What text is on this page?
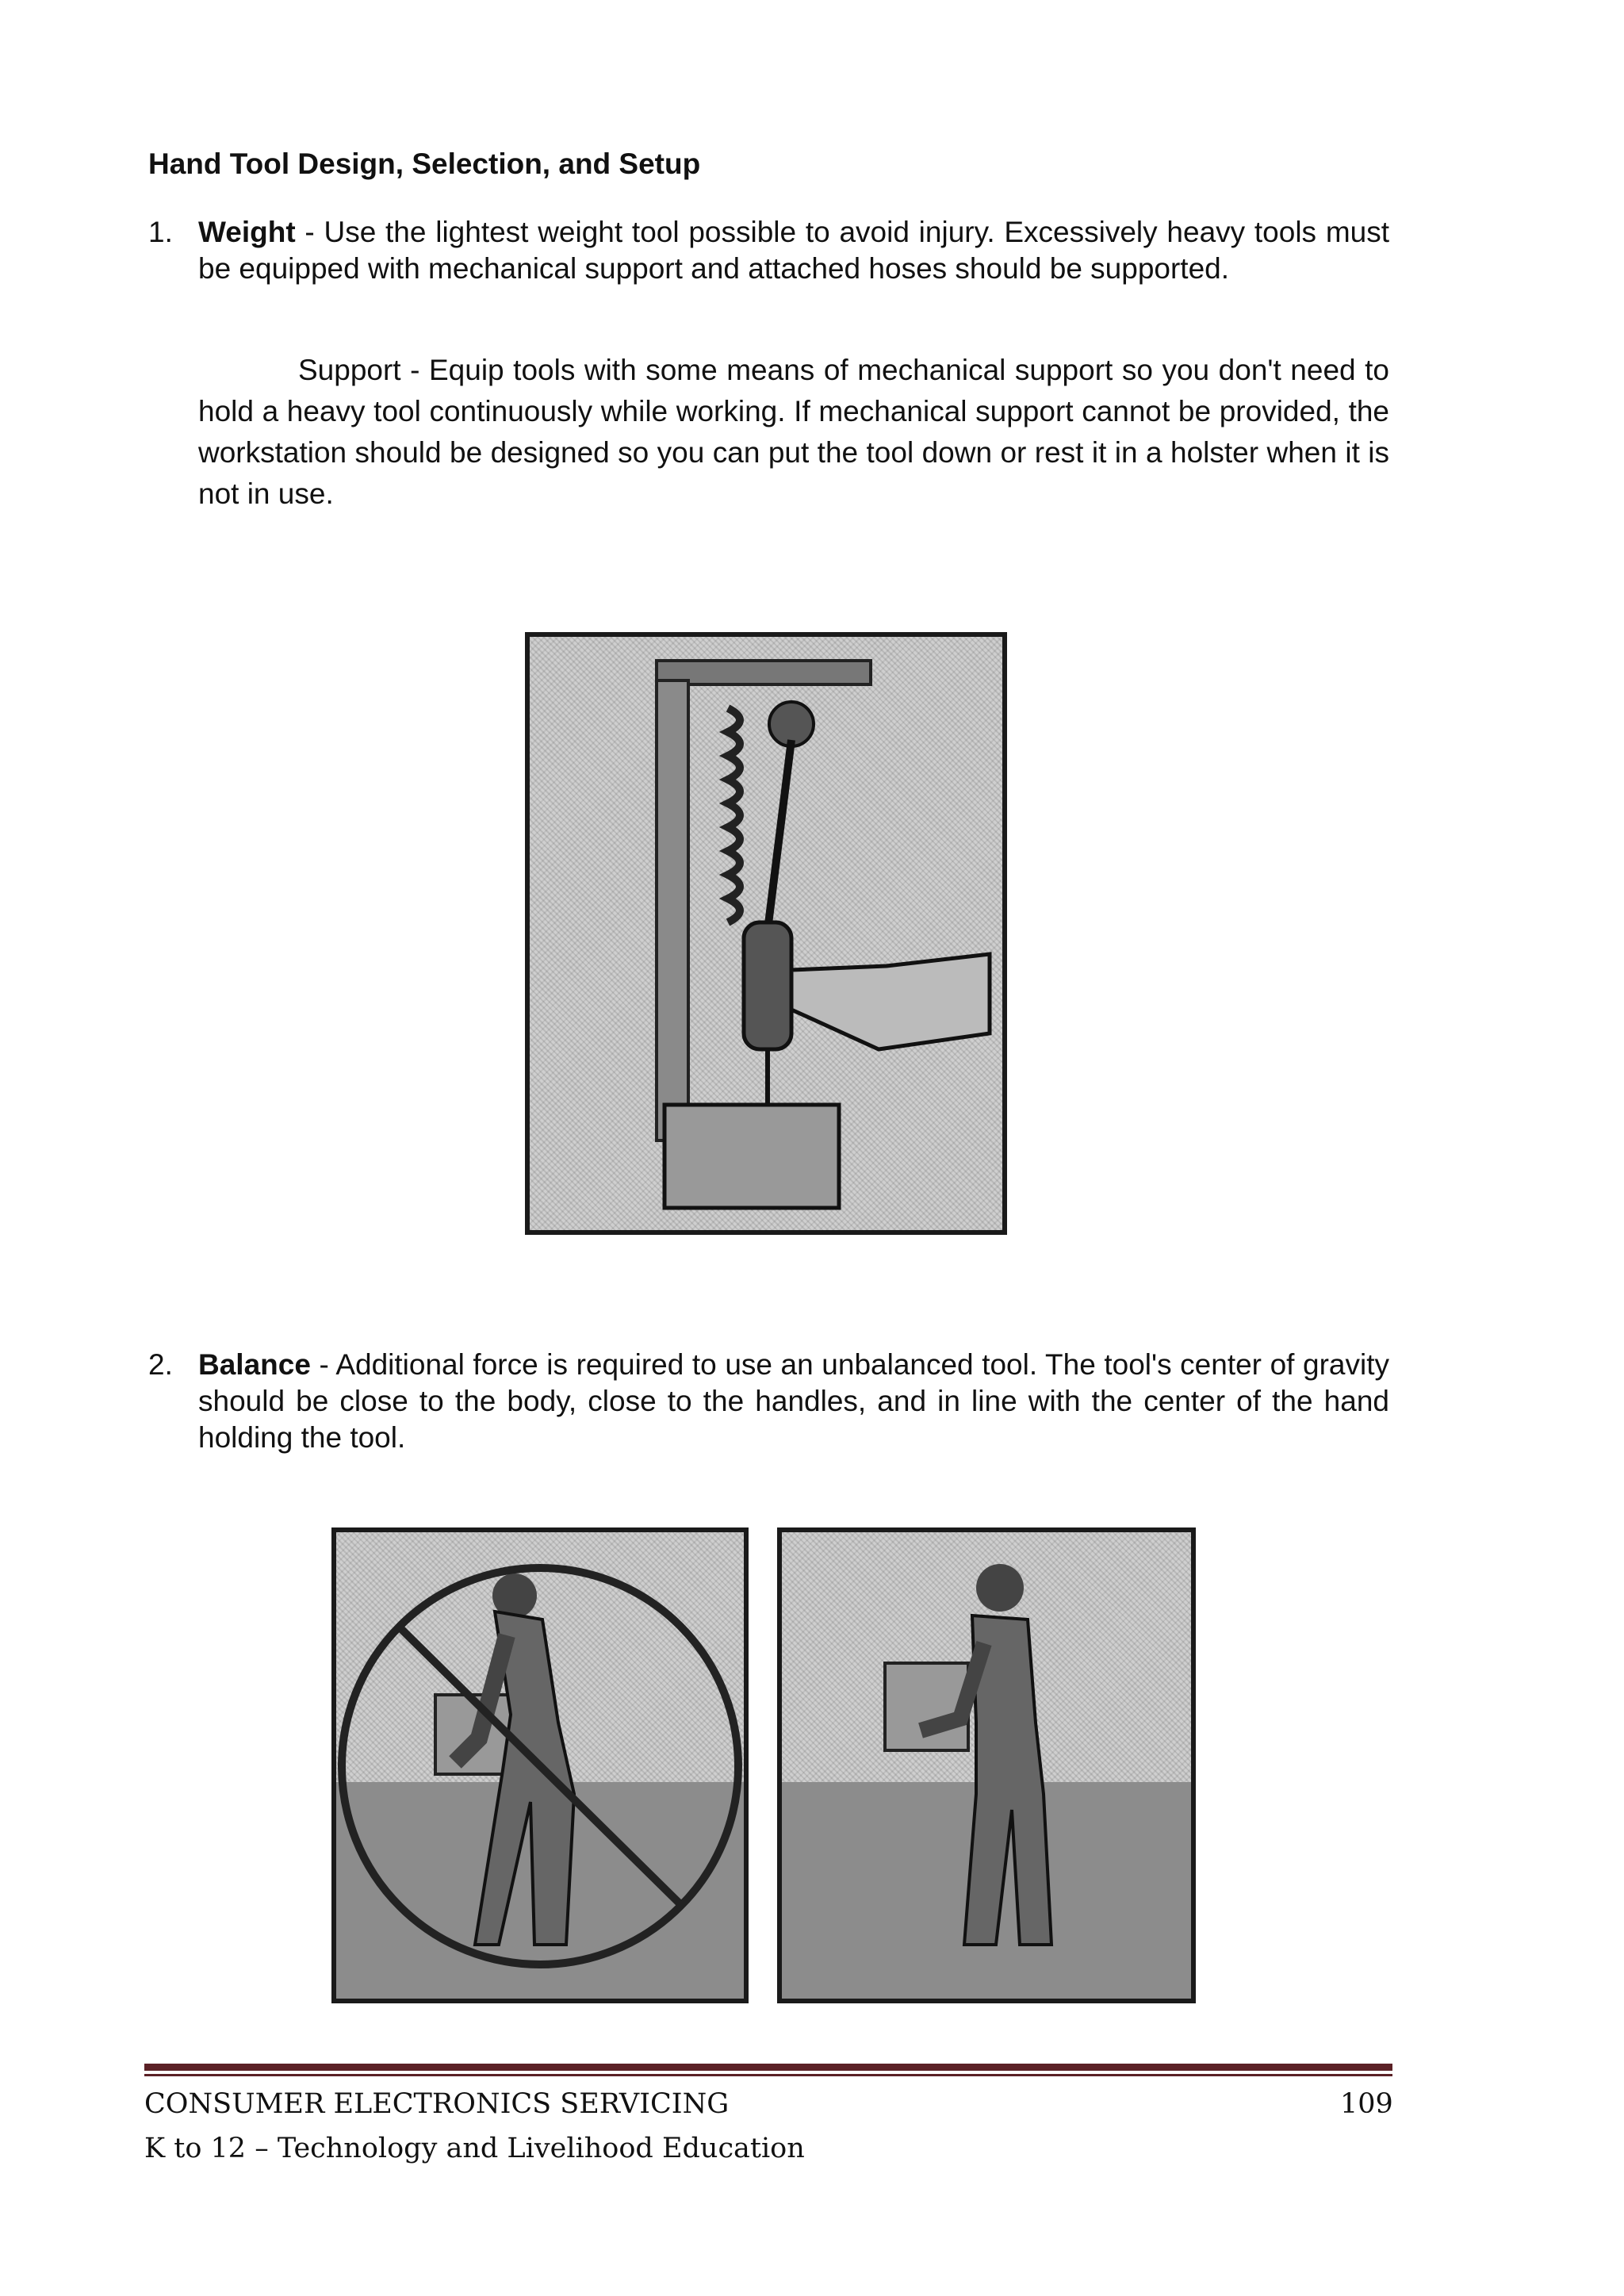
Hand Tool Design, Selection, and Setup
1. Weight - Use the lightest weight tool possible to avoid injury. Excessively heavy tools must be equipped with mechanical support and attached hoses should be supported.
Support - Equip tools with some means of mechanical support so you don't need to hold a heavy tool continuously while working. If mechanical support cannot be provided, the workstation should be designed so you can put the tool down or rest it in a holster when it is not in use.
2. Balance - Additional force is required to use an unbalanced tool. The tool's center of gravity should be close to the body, close to the handles, and in line with the center of the hand holding the tool.
CONSUMER ELECTRONICS SERVICING
K to 12 – Technology and Livelihood Education
109
